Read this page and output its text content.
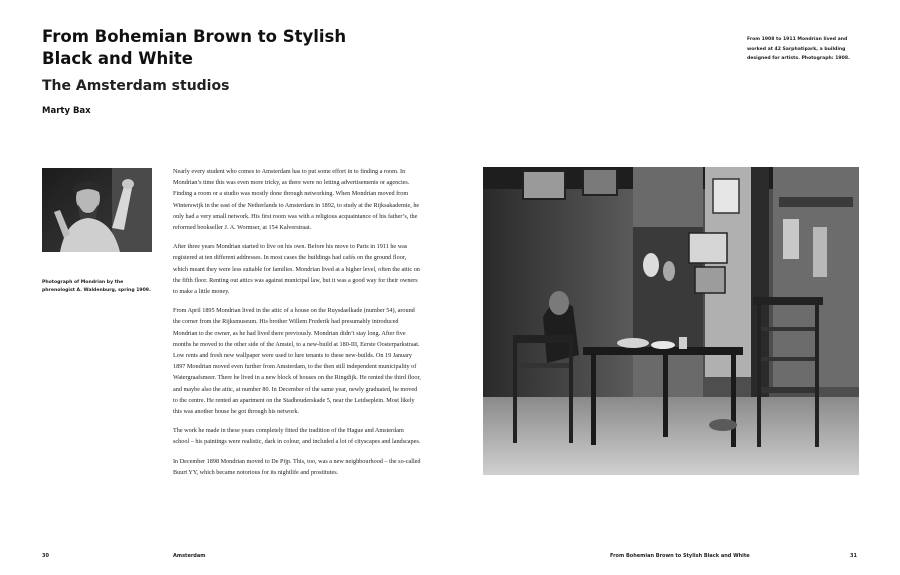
From Bohemian Brown to Stylish Black and White
The Amsterdam studios
Marty Bax
Photograph of Mondrian by the phrenologist A. Waldenburg, spring 1909.

Nearly every student who comes to Amsterdam has to put some effort in to finding a room. In Mondrian’s time this was even more tricky, as there were no letting advertisements or agencies. Finding a room or a studio was mostly done through networking. When Mondrian moved from Winterswijk in the east of the Netherlands to Amsterdam in 1892, to study at the Rijksakademie, he only had a very small network. His first room was with a religious acquaintance of his father’s, the reformed bookseller J. A. Wormser, at 154 Kalverstraat.

After three years Mondrian started to live on his own. Before his move to Paris in 1911 he was registered at ten different addresses. In most cases the buildings had cafés on the ground floor, which meant they were less suitable for families. Mondrian lived at a higher level, often the attic on the fifth floor. Renting out attics was against municipal law, but it was a good way for their owners to make a little money.

From April 1895 Mondrian lived in the attic of a house on the Ruysdaelkade (number 54), around the corner from the Rijksmuseum. His brother Willem Frederik had presumably introduced Mondrian to the owner, as he had lived there previously. Mondrian didn’t stay long. After five months he moved to the other side of the Amstel, to a new-build at 180-III, Eerste Oosterparkstraat. Low rents and fresh new wallpaper were used to lure tenants to these new-builds. On 19 January 1897 Mondrian moved even further from Amsterdam, to the then still independent municipality of Watergraafsmeer. There he lived in a new block of houses on the Ringdijk. He rented the third floor, and maybe also the attic, at number 80. In December of the same year, newly graduated, he moved to the centre. He rented an apartment on the Stadhouderskade 5, near the Leidseplein. Most likely this was another house he got through his network.

The work he made in these years completely fitted the tradition of the Hague and Amsterdam school – his paintings were realistic, dark in colour, and included a lot of cityscapes and landscapes.

In December 1898 Mondrian moved to De Pijp. This, too, was a new neighbourhood – the so-called Buurt YY, which became notorious for its nightlife and prostitutes.

30	Amsterdam	From Bohemian Brown to Stylish Black and White	31
From 1908 to 1911 Mondrian lived and worked at 42 Sarphatipark, a building designed for artists. Photograph: 1908.
